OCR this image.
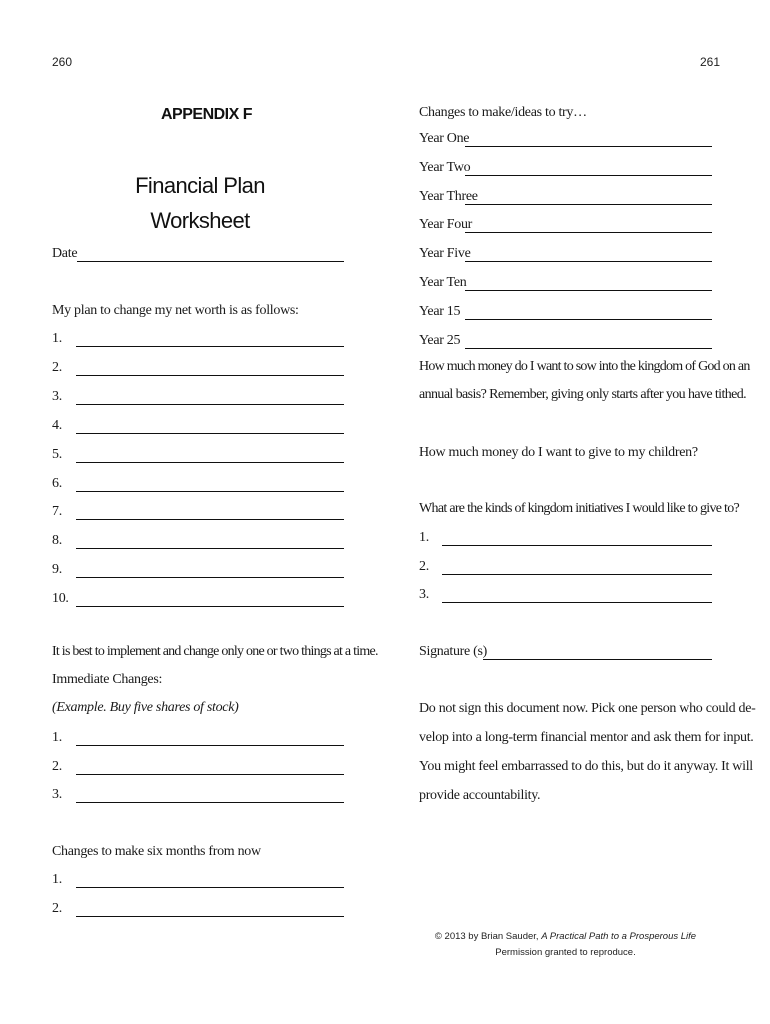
260
APPENDIX F
Financial Plan
Worksheet
Date
My plan to change my net worth is as follows:
1.
2.
3.
4.
5.
6.
7.
8.
9.
10.
It is best to implement and change only one or two things at a time.
Immediate Changes:
(Example. Buy five shares of stock)
1.
2.
3.
Changes to make six months from now
1.
2.
261
Changes to make/ideas to try…
Year One
Year Two
Year Three
Year Four
Year Five
Year Ten
Year 15
Year 25
How much money do I want to sow into the kingdom of God on an
annual basis? Remember, giving only starts after you have tithed.
How much money do I want to give to my children?
What are the kinds of kingdom initiatives I would like to give to?
1.
2.
3.
Signature (s)
Do not sign this document now. Pick one person who could de-
velop into a long-term financial mentor and ask them for input.
You might feel embarrassed to do this, but do it anyway. It will
provide accountability.
© 2013 by Brian Sauder, A Practical Path to a Prosperous Life
Permission granted to reproduce.
